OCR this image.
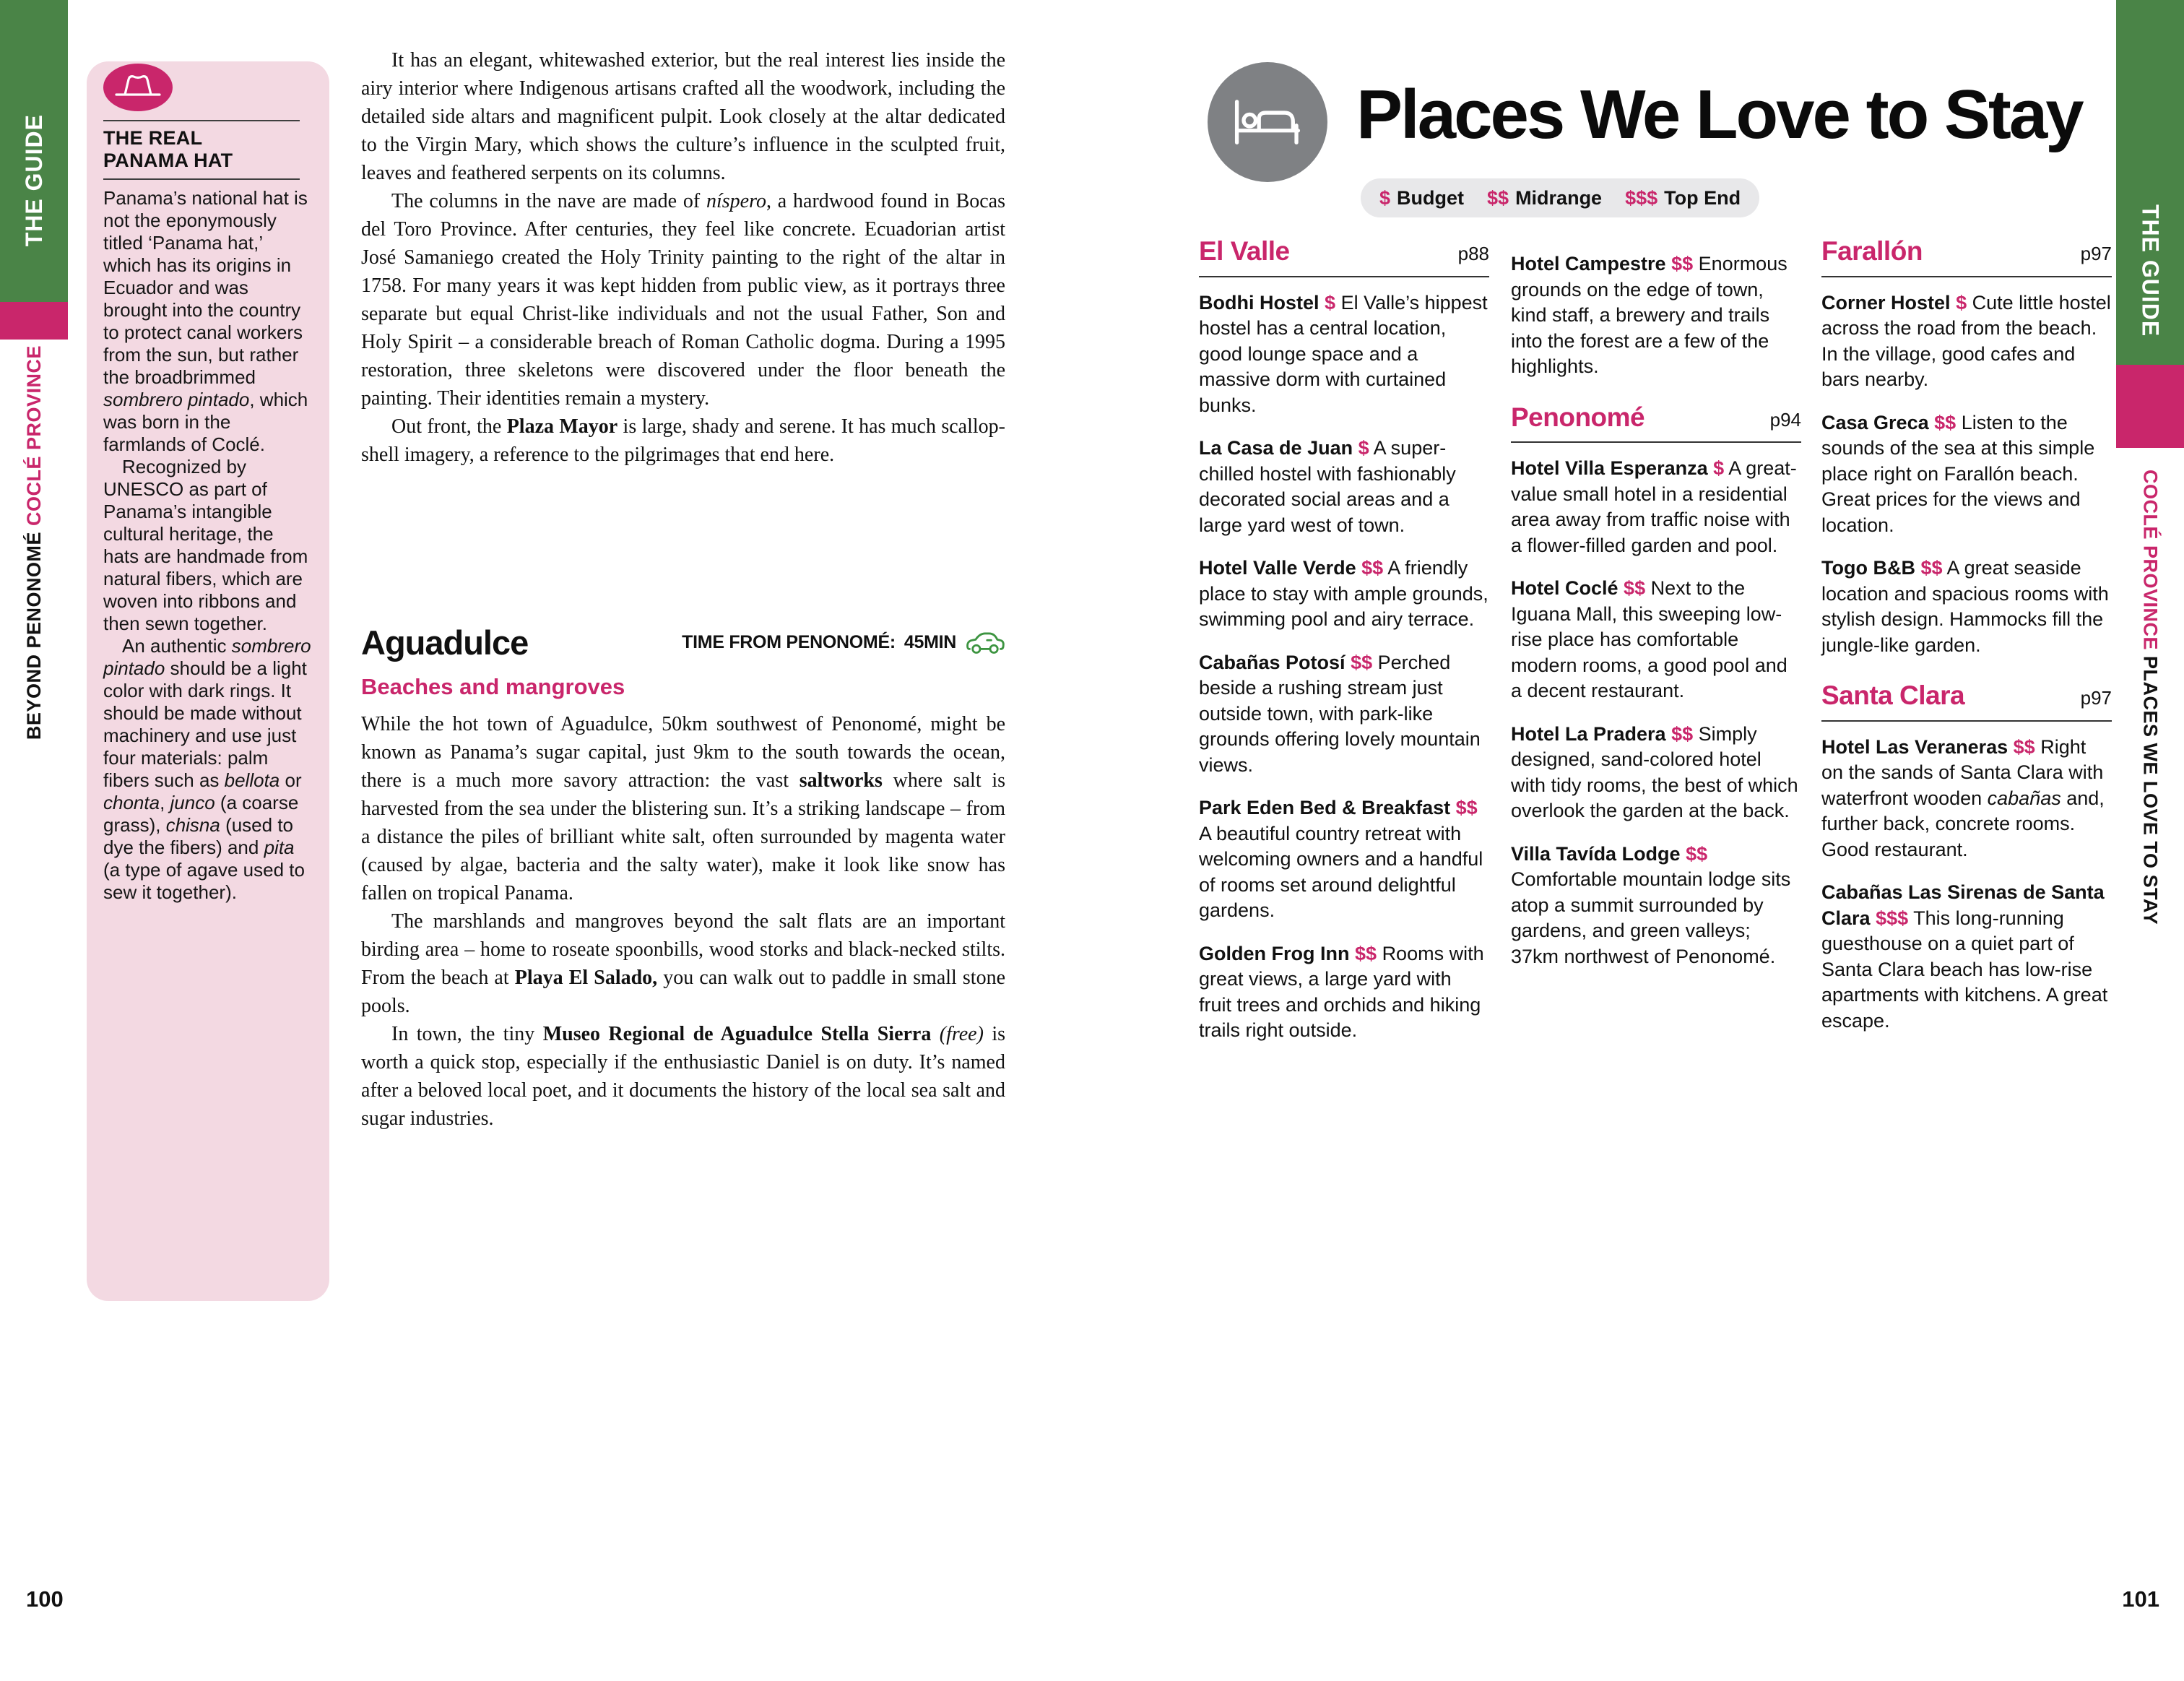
THE GUIDE
BEYOND PENONOMÉ COCLÉ PROVINCE
THE GUIDE
COCLÉ PROVINCE PLACES WE LOVE TO STAY
THE REAL PANAMA HAT

Panama’s national hat is not the eponymously titled ‘Panama hat,’ which has its origins in Ecuador and was brought into the country to protect canal workers from the sun, but rather the broadbrimmed sombrero pintado, which was born in the farmlands of Coclé.

Recognized by UNESCO as part of Panama’s intangible cultural heritage, the hats are handmade from natural fibers, which are woven into ribbons and then sewn together.

An authentic sombrero pintado should be a light color with dark rings. It should be made without machinery and use just four materials: palm fibers such as bellota or chonta, junco (a coarse grass), chisna (used to dye the fibers) and pita (a type of agave used to sew it together).

It has an elegant, whitewashed exterior, but the real interest lies inside the airy interior where Indigenous artisans crafted all the woodwork, including the detailed side altars and magnificent pulpit. Look closely at the altar dedicated to the Virgin Mary, which shows the culture’s influence in the sculpted fruit, leaves and feathered serpents on its columns.

The columns in the nave are made of níspero, a hardwood found in Bocas del Toro Province. After centuries, they feel like concrete. Ecuadorian artist José Samaniego created the Holy Trinity painting to the right of the altar in 1758. For many years it was kept hidden from public view, as it portrays three separate but equal Christ-like individuals and not the usual Father, Son and Holy Spirit – a considerable breach of Roman Catholic dogma. During a 1995 restoration, three skeletons were discovered under the floor beneath the painting. Their identities remain a mystery.

Out front, the Plaza Mayor is large, shady and serene. It has much scallop-shell imagery, a reference to the pilgrimages that end here.

Aguadulce	TIME FROM PENONOMÉ: 45MIN
Beaches and mangroves

While the hot town of Aguadulce, 50km southwest of Penonomé, might be known as Panama’s sugar capital, just 9km to the south towards the ocean, there is a much more savory attraction: the vast saltworks where salt is harvested from the sea under the blistering sun. It’s a striking landscape – from a distance the piles of brilliant white salt, often surrounded by magenta water (caused by algae, bacteria and the salty water), make it look like snow has fallen on tropical Panama.

The marshlands and mangroves beyond the salt flats are an important birding area – home to roseate spoonbills, wood storks and black-necked stilts. From the beach at Playa El Salado, you can walk out to paddle in small stone pools.

In town, the tiny Museo Regional de Aguadulce Stella Sierra (free) is worth a quick stop, especially if the enthusiastic Daniel is on duty. It’s named after a beloved local poet, and it documents the history of the local sea salt and sugar industries.

Places We Love to Stay
$ Budget $$ Midrange $$$ Top End
El Valle	p88

Bodhi Hostel $ El Valle’s hippest hostel has a central location, good lounge space and a massive dorm with curtained bunks.

La Casa de Juan $ A super-chilled hostel with fashionably decorated social areas and a large yard west of town.

Hotel Valle Verde $$ A friendly place to stay with ample grounds, swimming pool and airy terrace.

Cabañas Potosí $$ Perched beside a rushing stream just outside town, with park-like grounds offering lovely mountain views.

Park Eden Bed & Breakfast $$ A beautiful country retreat with welcoming owners and a handful of rooms set around delightful gardens.

Golden Frog Inn $$ Rooms with great views, a large yard with fruit trees and orchids and hiking trails right outside.

Hotel Campestre $$ Enormous grounds on the edge of town, kind staff, a brewery and trails into the forest are a few of the highlights.

Penonomé	p94

Hotel Villa Esperanza $ A great-value small hotel in a residential area away from traffic noise with a flower-filled garden and pool.

Hotel Coclé $$ Next to the Iguana Mall, this sweeping low-rise place has comfortable modern rooms, a good pool and a decent restaurant.

Hotel La Pradera $$ Simply designed, sand-colored hotel with tidy rooms, the best of which overlook the garden at the back.

Villa Tavída Lodge $$ Comfortable mountain lodge sits atop a summit surrounded by gardens, and green valleys; 37km northwest of Penonomé.

Farallón	p97

Corner Hostel $ Cute little hostel across the road from the beach. In the village, good cafes and bars nearby.

Casa Greca $$ Listen to the sounds of the sea at this simple place right on Farallón beach. Great prices for the views and location.

Togo B&B $$ A great seaside location and spacious rooms with stylish design. Hammocks fill the jungle-like garden.

Santa Clara	p97

Hotel Las Veraneras $$ Right on the sands of Santa Clara with waterfront wooden cabañas and, further back, concrete rooms. Good restaurant.

Cabañas Las Sirenas de Santa Clara $$$ This long-running guesthouse on a quiet part of Santa Clara beach has low-rise apartments with kitchens. A great escape.

100	101
